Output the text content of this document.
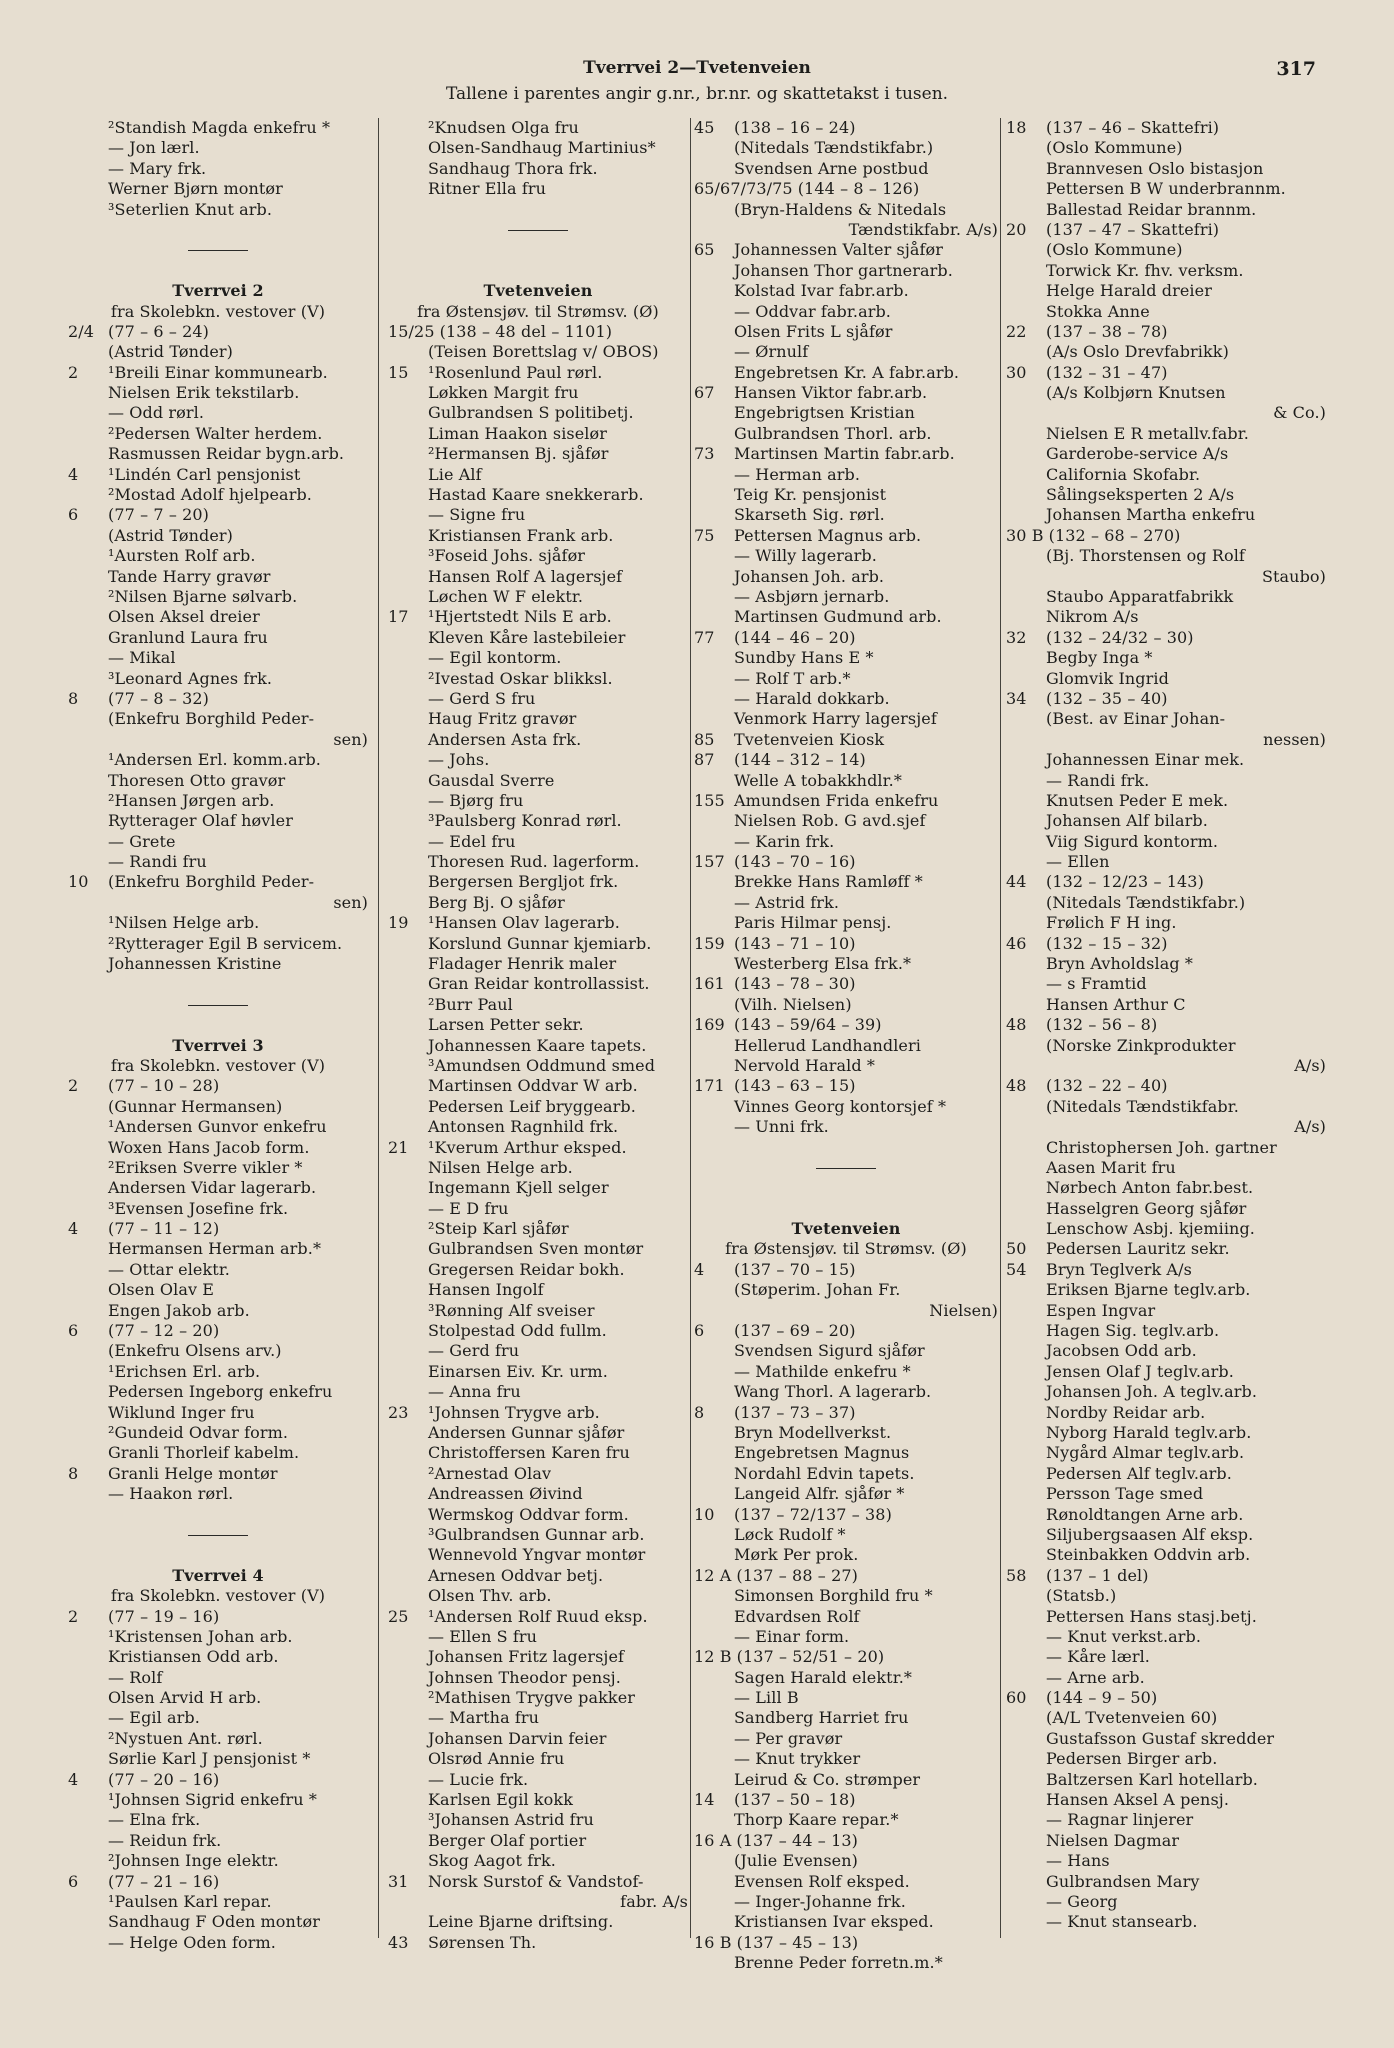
Tverrvei 2—Tvetenveien
Tallene i parentes angir g.nr., br.nr. og skattetakst i tusen.
317
²Standish Magda enkefru *
— Jon lærl.
— Mary frk.
Werner Bjørn montør
³Seterlien Knut arb.
Tverrvei 2
fra Skolebkn. vestover (V)
2/4 (77 – 6 – 24)
(Astrid Tønder)
2 ¹Breili Einar kommunearb.
Nielsen Erik tekstilarb.
— Odd rørl.
²Pedersen Walter herdem.
Rasmussen Reidar bygn.arb.
4 ¹Lindén Carl pensjonist
²Mostad Adolf hjelpearb.
6 (77 – 7 – 20)
(Astrid Tønder)
¹Aursten Rolf arb.
Tande Harry gravør
²Nilsen Bjarne sølvarb.
Olsen Aksel dreier
Granlund Laura fru
— Mikal
³Leonard Agnes frk.
8 (77 – 8 – 32)
(Enkefru Borghild Peder-
sen)
¹Andersen Erl. komm.arb.
Thoresen Otto gravør
²Hansen Jørgen arb.
Rytterager Olaf høvler
— Grete
— Randi fru
10 (Enkefru Borghild Peder-
sen)
¹Nilsen Helge arb.
²Rytterager Egil B servicem.
Johannessen Kristine
Tverrvei 3
fra Skolebkn. vestover (V)
2 (77 – 10 – 28)
(Gunnar Hermansen)
¹Andersen Gunvor enkefru
Woxen Hans Jacob form.
²Eriksen Sverre vikler *
Andersen Vidar lagerarb.
³Evensen Josefine frk.
4 (77 – 11 – 12)
Hermansen Herman arb.*
— Ottar elektr.
Olsen Olav E
Engen Jakob arb.
6 (77 – 12 – 20)
(Enkefru Olsens arv.)
¹Erichsen Erl. arb.
Pedersen Ingeborg enkefru
Wiklund Inger fru
²Gundeid Odvar form.
Granli Thorleif kabelm.
8 Granli Helge montør
— Haakon rørl.
Tverrvei 4
fra Skolebkn. vestover (V)
2 (77 – 19 – 16)
¹Kristensen Johan arb.
Kristiansen Odd arb.
— Rolf
Olsen Arvid H arb.
— Egil arb.
²Nystuen Ant. rørl.
Sørlie Karl J pensjonist *
4 (77 – 20 – 16)
¹Johnsen Sigrid enkefru *
— Elna frk.
— Reidun frk.
²Johnsen Inge elektr.
6 (77 – 21 – 16)
¹Paulsen Karl repar.
Sandhaug F Oden montør
— Helge Oden form.
²Knudsen Olga fru
Olsen-Sandhaug Martinius*
Sandhaug Thora frk.
Ritner Ella fru
Tvetenveien
fra Østensjøv. til Strømsv. (Ø)
15/25 (138 – 48 del – 1101)
(Teisen Borettslag v/ OBOS)
15 ¹Rosenlund Paul rørl.
Løkken Margit fru
Gulbrandsen S politibetj.
Liman Haakon siselør
²Hermansen Bj. sjåfør
Lie Alf
Hastad Kaare snekkerarb.
— Signe fru
Kristiansen Frank arb.
³Foseid Johs. sjåfør
Hansen Rolf A lagersjef
Løchen W F elektr.
17 ¹Hjertstedt Nils E arb.
Kleven Kåre lastebileier
— Egil kontorm.
²Ivestad Oskar blikksl.
— Gerd S fru
Haug Fritz gravør
Andersen Asta frk.
— Johs.
Gausdal Sverre
— Bjørg fru
³Paulsberg Konrad rørl.
— Edel fru
Thoresen Rud. lagerform.
Bergersen Bergljot frk.
Berg Bj. O sjåfør
19 ¹Hansen Olav lagerarb.
Korslund Gunnar kjemiarb.
Fladager Henrik maler
Gran Reidar kontrollassist.
²Burr Paul
Larsen Petter sekr.
Johannessen Kaare tapets.
³Amundsen Oddmund smed
Martinsen Oddvar W arb.
Pedersen Leif bryggearb.
Antonsen Ragnhild frk.
21 ¹Kverum Arthur eksped.
Nilsen Helge arb.
Ingemann Kjell selger
— E D fru
²Steip Karl sjåfør
Gulbrandsen Sven montør
Gregersen Reidar bokh.
Hansen Ingolf
³Rønning Alf sveiser
Stolpestad Odd fullm.
— Gerd fru
Einarsen Eiv. Kr. urm.
— Anna fru
23 ¹Johnsen Trygve arb.
Andersen Gunnar sjåfør
Christoffersen Karen fru
²Arnestad Olav
Andreassen Øivind
Wermskog Oddvar form.
³Gulbrandsen Gunnar arb.
Wennevold Yngvar montør
Arnesen Oddvar betj.
Olsen Thv. arb.
25 ¹Andersen Rolf Ruud eksp.
— Ellen S fru
Johansen Fritz lagersjef
Johnsen Theodor pensj.
²Mathisen Trygve pakker
— Martha fru
Johansen Darvin feier
Olsrød Annie fru
— Lucie frk.
Karlsen Egil kokk
³Johansen Astrid fru
Berger Olaf portier
Skog Aagot frk.
31 Norsk Surstof & Vandstof-
fabr. A/s
Leine Bjarne driftsing.
43 Sørensen Th.
45 (138 – 16 – 24)
(Nitedals Tændstikfabr.)
Svendsen Arne postbud
65/67/73/75 (144 – 8 – 126)
(Bryn-Haldens & Nitedals
Tændstikfabr. A/s)
65 Johannessen Valter sjåfør
Johansen Thor gartnerarb.
Kolstad Ivar fabr.arb.
— Oddvar fabr.arb.
Olsen Frits L sjåfør
— Ørnulf
Engebretsen Kr. A fabr.arb.
67 Hansen Viktor fabr.arb.
Engebrigtsen Kristian
Gulbrandsen Thorl. arb.
73 Martinsen Martin fabr.arb.
— Herman arb.
Teig Kr. pensjonist
Skarseth Sig. rørl.
75 Pettersen Magnus arb.
— Willy lagerarb.
Johansen Joh. arb.
— Asbjørn jernarb.
Martinsen Gudmund arb.
77 (144 – 46 – 20)
Sundby Hans E *
— Rolf T arb.*
— Harald dokkarb.
Venmork Harry lagersjef
85 Tvetenveien Kiosk
87 (144 – 312 – 14)
Welle A tobakkhdlr.*
155 Amundsen Frida enkefru
Nielsen Rob. G avd.sjef
— Karin frk.
157 (143 – 70 – 16)
Brekke Hans Ramløff *
— Astrid frk.
Paris Hilmar pensj.
159 (143 – 71 – 10)
Westerberg Elsa frk.*
161 (143 – 78 – 30)
(Vilh. Nielsen)
169 (143 – 59/64 – 39)
Hellerud Landhandleri
Nervold Harald *
171 (143 – 63 – 15)
Vinnes Georg kontorsjef *
— Unni frk.
Tvetenveien
fra Østensjøv. til Strømsv. (Ø)
4 (137 – 70 – 15)
(Støperim. Johan Fr.
Nielsen)
6 (137 – 69 – 20)
Svendsen Sigurd sjåfør
— Mathilde enkefru *
Wang Thorl. A lagerarb.
8 (137 – 73 – 37)
Bryn Modellverkst.
Engebretsen Magnus
Nordahl Edvin tapets.
Langeid Alfr. sjåfør *
10 (137 – 72/137 – 38)
Løck Rudolf *
Mørk Per prok.
12 A (137 – 88 – 27)
Simonsen Borghild fru *
Edvardsen Rolf
— Einar form.
12 B (137 – 52/51 – 20)
Sagen Harald elektr.*
— Lill B
Sandberg Harriet fru
— Per gravør
— Knut trykker
Leirud & Co. strømper
14 (137 – 50 – 18)
Thorp Kaare repar.*
16 A (137 – 44 – 13)
(Julie Evensen)
Evensen Rolf eksped.
— Inger-Johanne frk.
Kristiansen Ivar eksped.
16 B (137 – 45 – 13)
Brenne Peder forretn.m.*
18 (137 – 46 – Skattefri)
(Oslo Kommune)
Brannvesen Oslo bistasjon
Pettersen B W underbrannm.
Ballestad Reidar brannm.
20 (137 – 47 – Skattefri)
(Oslo Kommune)
Torwick Kr. fhv. verksm.
Helge Harald dreier
Stokka Anne
22 (137 – 38 – 78)
(A/s Oslo Drevfabrikk)
30 (132 – 31 – 47)
(A/s Kolbjørn Knutsen
& Co.)
Nielsen E R metallv.fabr.
Garderobe-service A/s
California Skofabr.
Sålingseksperten 2 A/s
Johansen Martha enkefru
30 B (132 – 68 – 270)
(Bj. Thorstensen og Rolf
Staubo)
Staubo Apparatfabrikk
Nikrom A/s
32 (132 – 24/32 – 30)
Begby Inga *
Glomvik Ingrid
34 (132 – 35 – 40)
(Best. av Einar Johan-
nessen)
Johannessen Einar mek.
— Randi frk.
Knutsen Peder E mek.
Johansen Alf bilarb.
Viig Sigurd kontorm.
— Ellen
44 (132 – 12/23 – 143)
(Nitedals Tændstikfabr.)
Frølich F H ing.
46 (132 – 15 – 32)
Bryn Avholdslag *
— s Framtid
Hansen Arthur C
48 (132 – 56 – 8)
(Norske Zinkprodukter
A/s)
48 (132 – 22 – 40)
(Nitedals Tændstikfabr.
A/s)
Christophersen Joh. gartner
Aasen Marit fru
Nørbech Anton fabr.best.
Hasselgren Georg sjåfør
Lenschow Asbj. kjemiing.
50 Pedersen Lauritz sekr.
54 Bryn Teglverk A/s
Eriksen Bjarne teglv.arb.
Espen Ingvar
Hagen Sig. teglv.arb.
Jacobsen Odd arb.
Jensen Olaf J teglv.arb.
Johansen Joh. A teglv.arb.
Nordby Reidar arb.
Nyborg Harald teglv.arb.
Nygård Almar teglv.arb.
Pedersen Alf teglv.arb.
Persson Tage smed
Rønoldtangen Arne arb.
Siljubergsaasen Alf eksp.
Steinbakken Oddvin arb.
58 (137 – 1 del)
(Statsb.)
Pettersen Hans stasj.betj.
— Knut verkst.arb.
— Kåre lærl.
— Arne arb.
60 (144 – 9 – 50)
(A/L Tvetenveien 60)
Gustafsson Gustaf skredder
Pedersen Birger arb.
Baltzersen Karl hotellarb.
Hansen Aksel A pensj.
— Ragnar linjerer
Nielsen Dagmar
— Hans
Gulbrandsen Mary
— Georg
— Knut stansearb.
